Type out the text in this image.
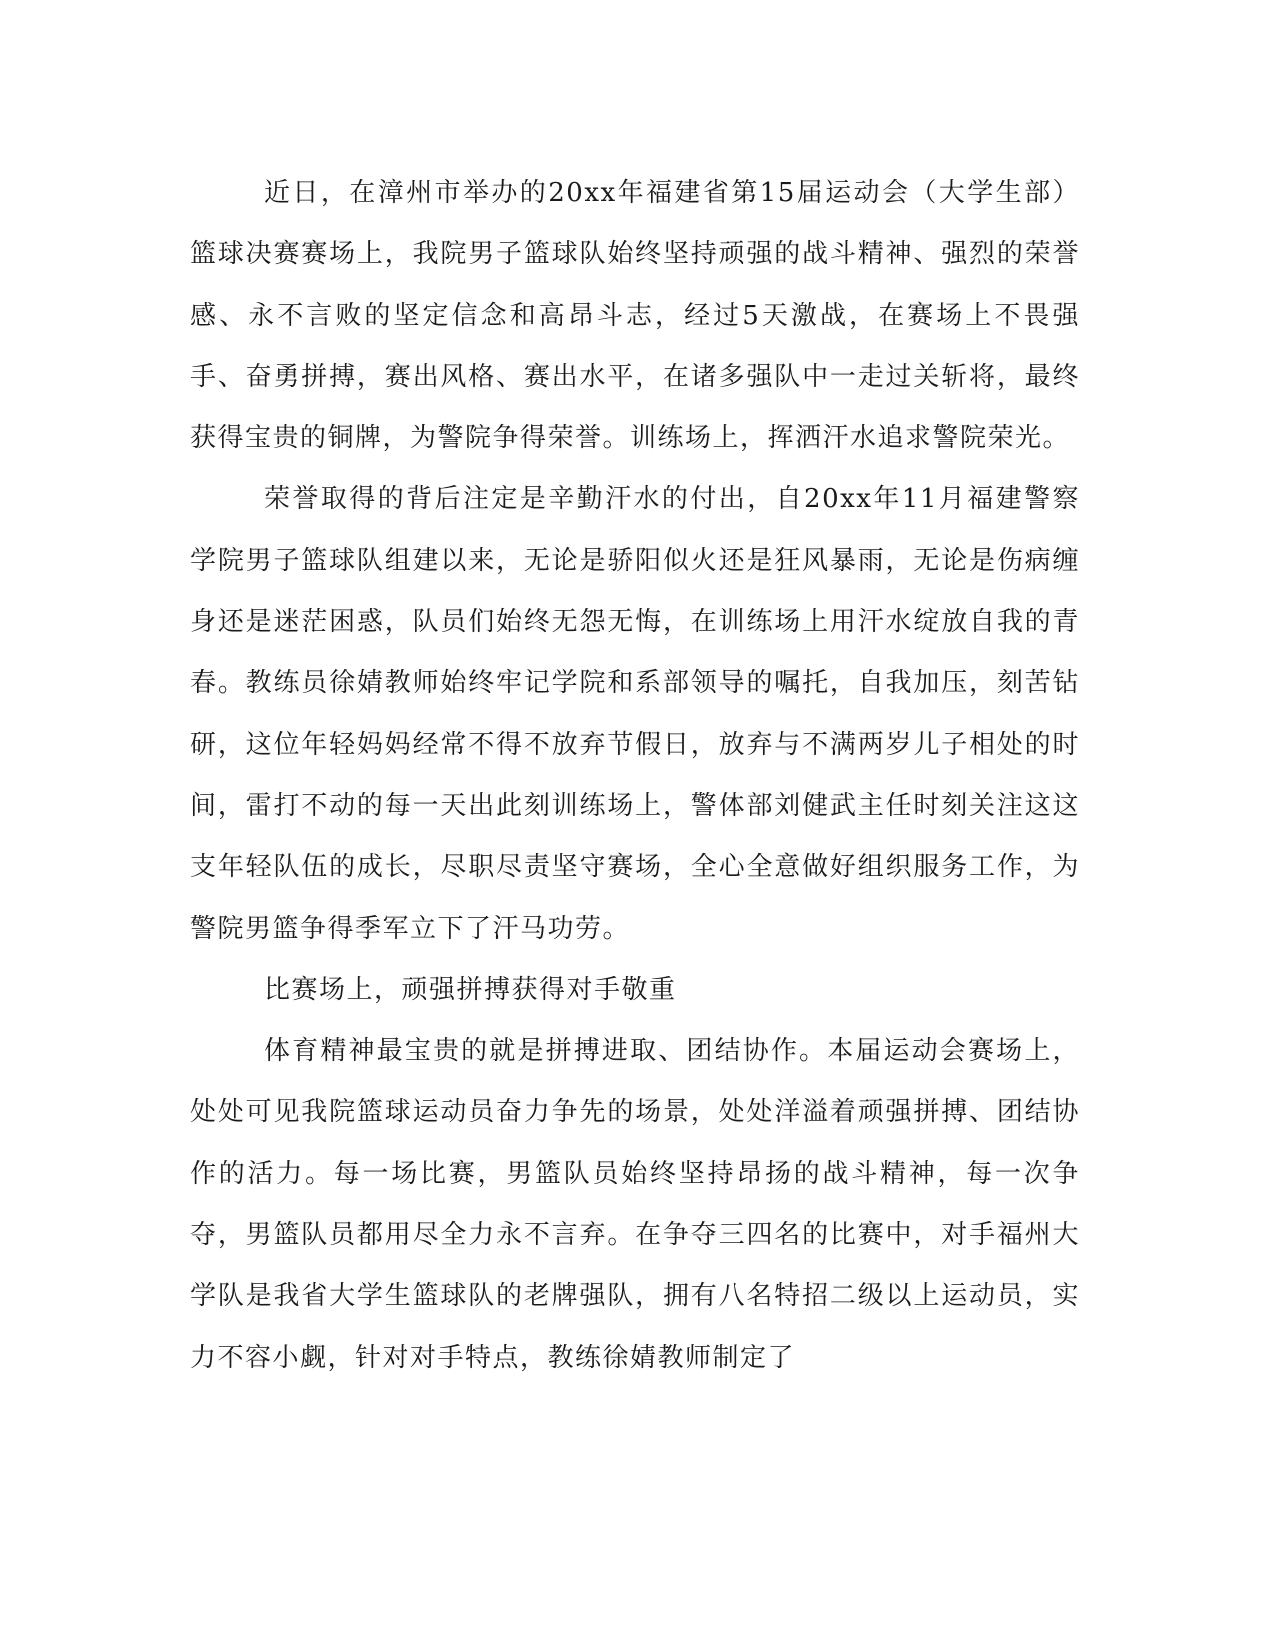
近日，在漳州市举办的20xx年福建省第15届运动会（大学生部）篮球决赛赛场上，我院男子篮球队始终坚持顽强的战斗精神、强烈的荣誉感、永不言败的坚定信念和高昂斗志，经过5天激战，在赛场上不畏强手、奋勇拼搏，赛出风格、赛出水平，在诸多强队中一走过关斩将，最终获得宝贵的铜牌，为警院争得荣誉。训练场上，挥洒汗水追求警院荣光。

荣誉取得的背后注定是辛勤汗水的付出，自20xx年11月福建警察学院男子篮球队组建以来，无论是骄阳似火还是狂风暴雨，无论是伤病缠身还是迷茫困惑，队员们始终无怨无悔，在训练场上用汗水绽放自我的青春。教练员徐婧教师始终牢记学院和系部领导的嘱托，自我加压，刻苦钻研，这位年轻妈妈经常不得不放弃节假日，放弃与不满两岁儿子相处的时间，雷打不动的每一天出此刻训练场上，警体部刘健武主任时刻关注这这支年轻队伍的成长，尽职尽责坚守赛场，全心全意做好组织服务工作，为警院男篮争得季军立下了汗马功劳。

比赛场上，顽强拼搏获得对手敬重

体育精神最宝贵的就是拼搏进取、团结协作。本届运动会赛场上，处处可见我院篮球运动员奋力争先的场景，处处洋溢着顽强拼搏、团结协作的活力。每一场比赛，男篮队员始终坚持昂扬的战斗精神，每一次争夺，男篮队员都用尽全力永不言弃。在争夺三四名的比赛中，对手福州大学队是我省大学生篮球队的老牌强队，拥有八名特招二级以上运动员，实力不容小觑，针对对手特点，教练徐婧教师制定了
